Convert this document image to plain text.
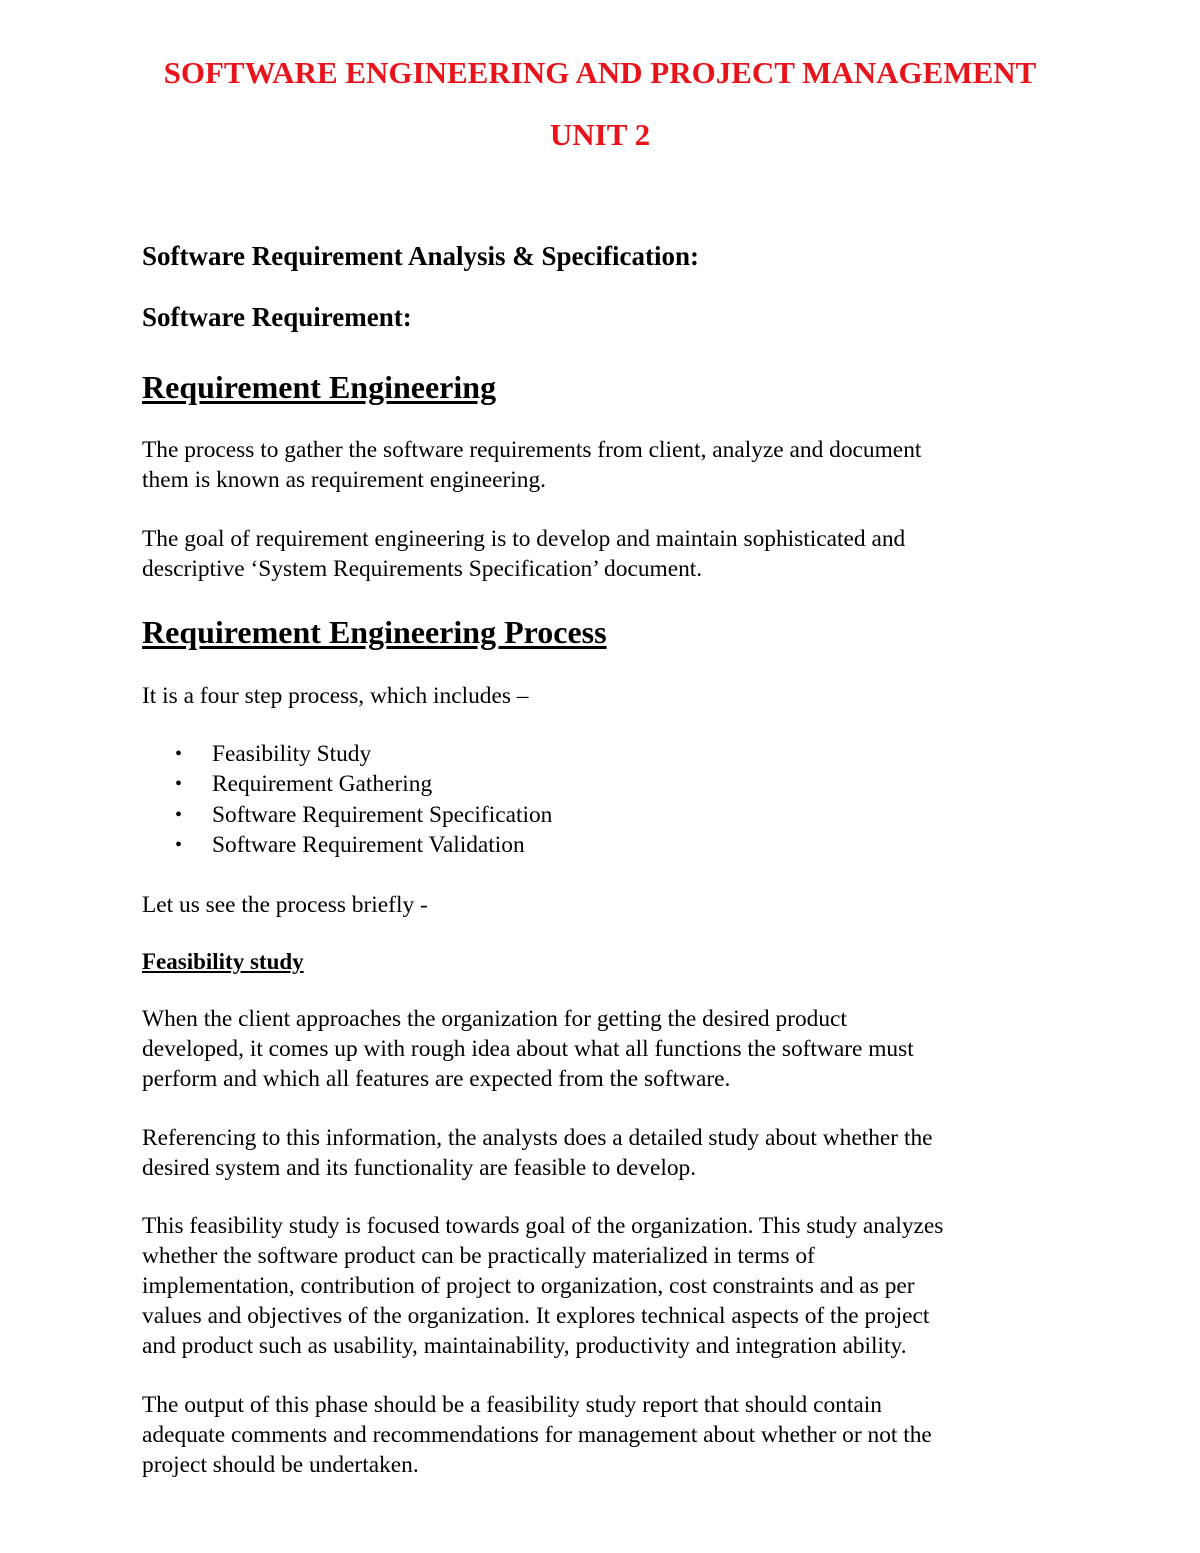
SOFTWARE ENGINEERING AND PROJECT MANAGEMENT
UNIT 2
Software Requirement Analysis & Specification:
Software Requirement:
Requirement Engineering

The process to gather the software requirements from client, analyze and document
them is known as requirement engineering.

The goal of requirement engineering is to develop and maintain sophisticated and
descriptive ‘System Requirements Specification’ document.

Requirement Engineering Process

It is a four step process, which includes –

• Feasibility Study
• Requirement Gathering
• Software Requirement Specification
• Software Requirement Validation

Let us see the process briefly -

Feasibility study

When the client approaches the organization for getting the desired product
developed, it comes up with rough idea about what all functions the software must
perform and which all features are expected from the software.

Referencing to this information, the analysts does a detailed study about whether the
desired system and its functionality are feasible to develop.

This feasibility study is focused towards goal of the organization. This study analyzes
whether the software product can be practically materialized in terms of
implementation, contribution of project to organization, cost constraints and as per
values and objectives of the organization. It explores technical aspects of the project
and product such as usability, maintainability, productivity and integration ability.

The output of this phase should be a feasibility study report that should contain
adequate comments and recommendations for management about whether or not the
project should be undertaken.
